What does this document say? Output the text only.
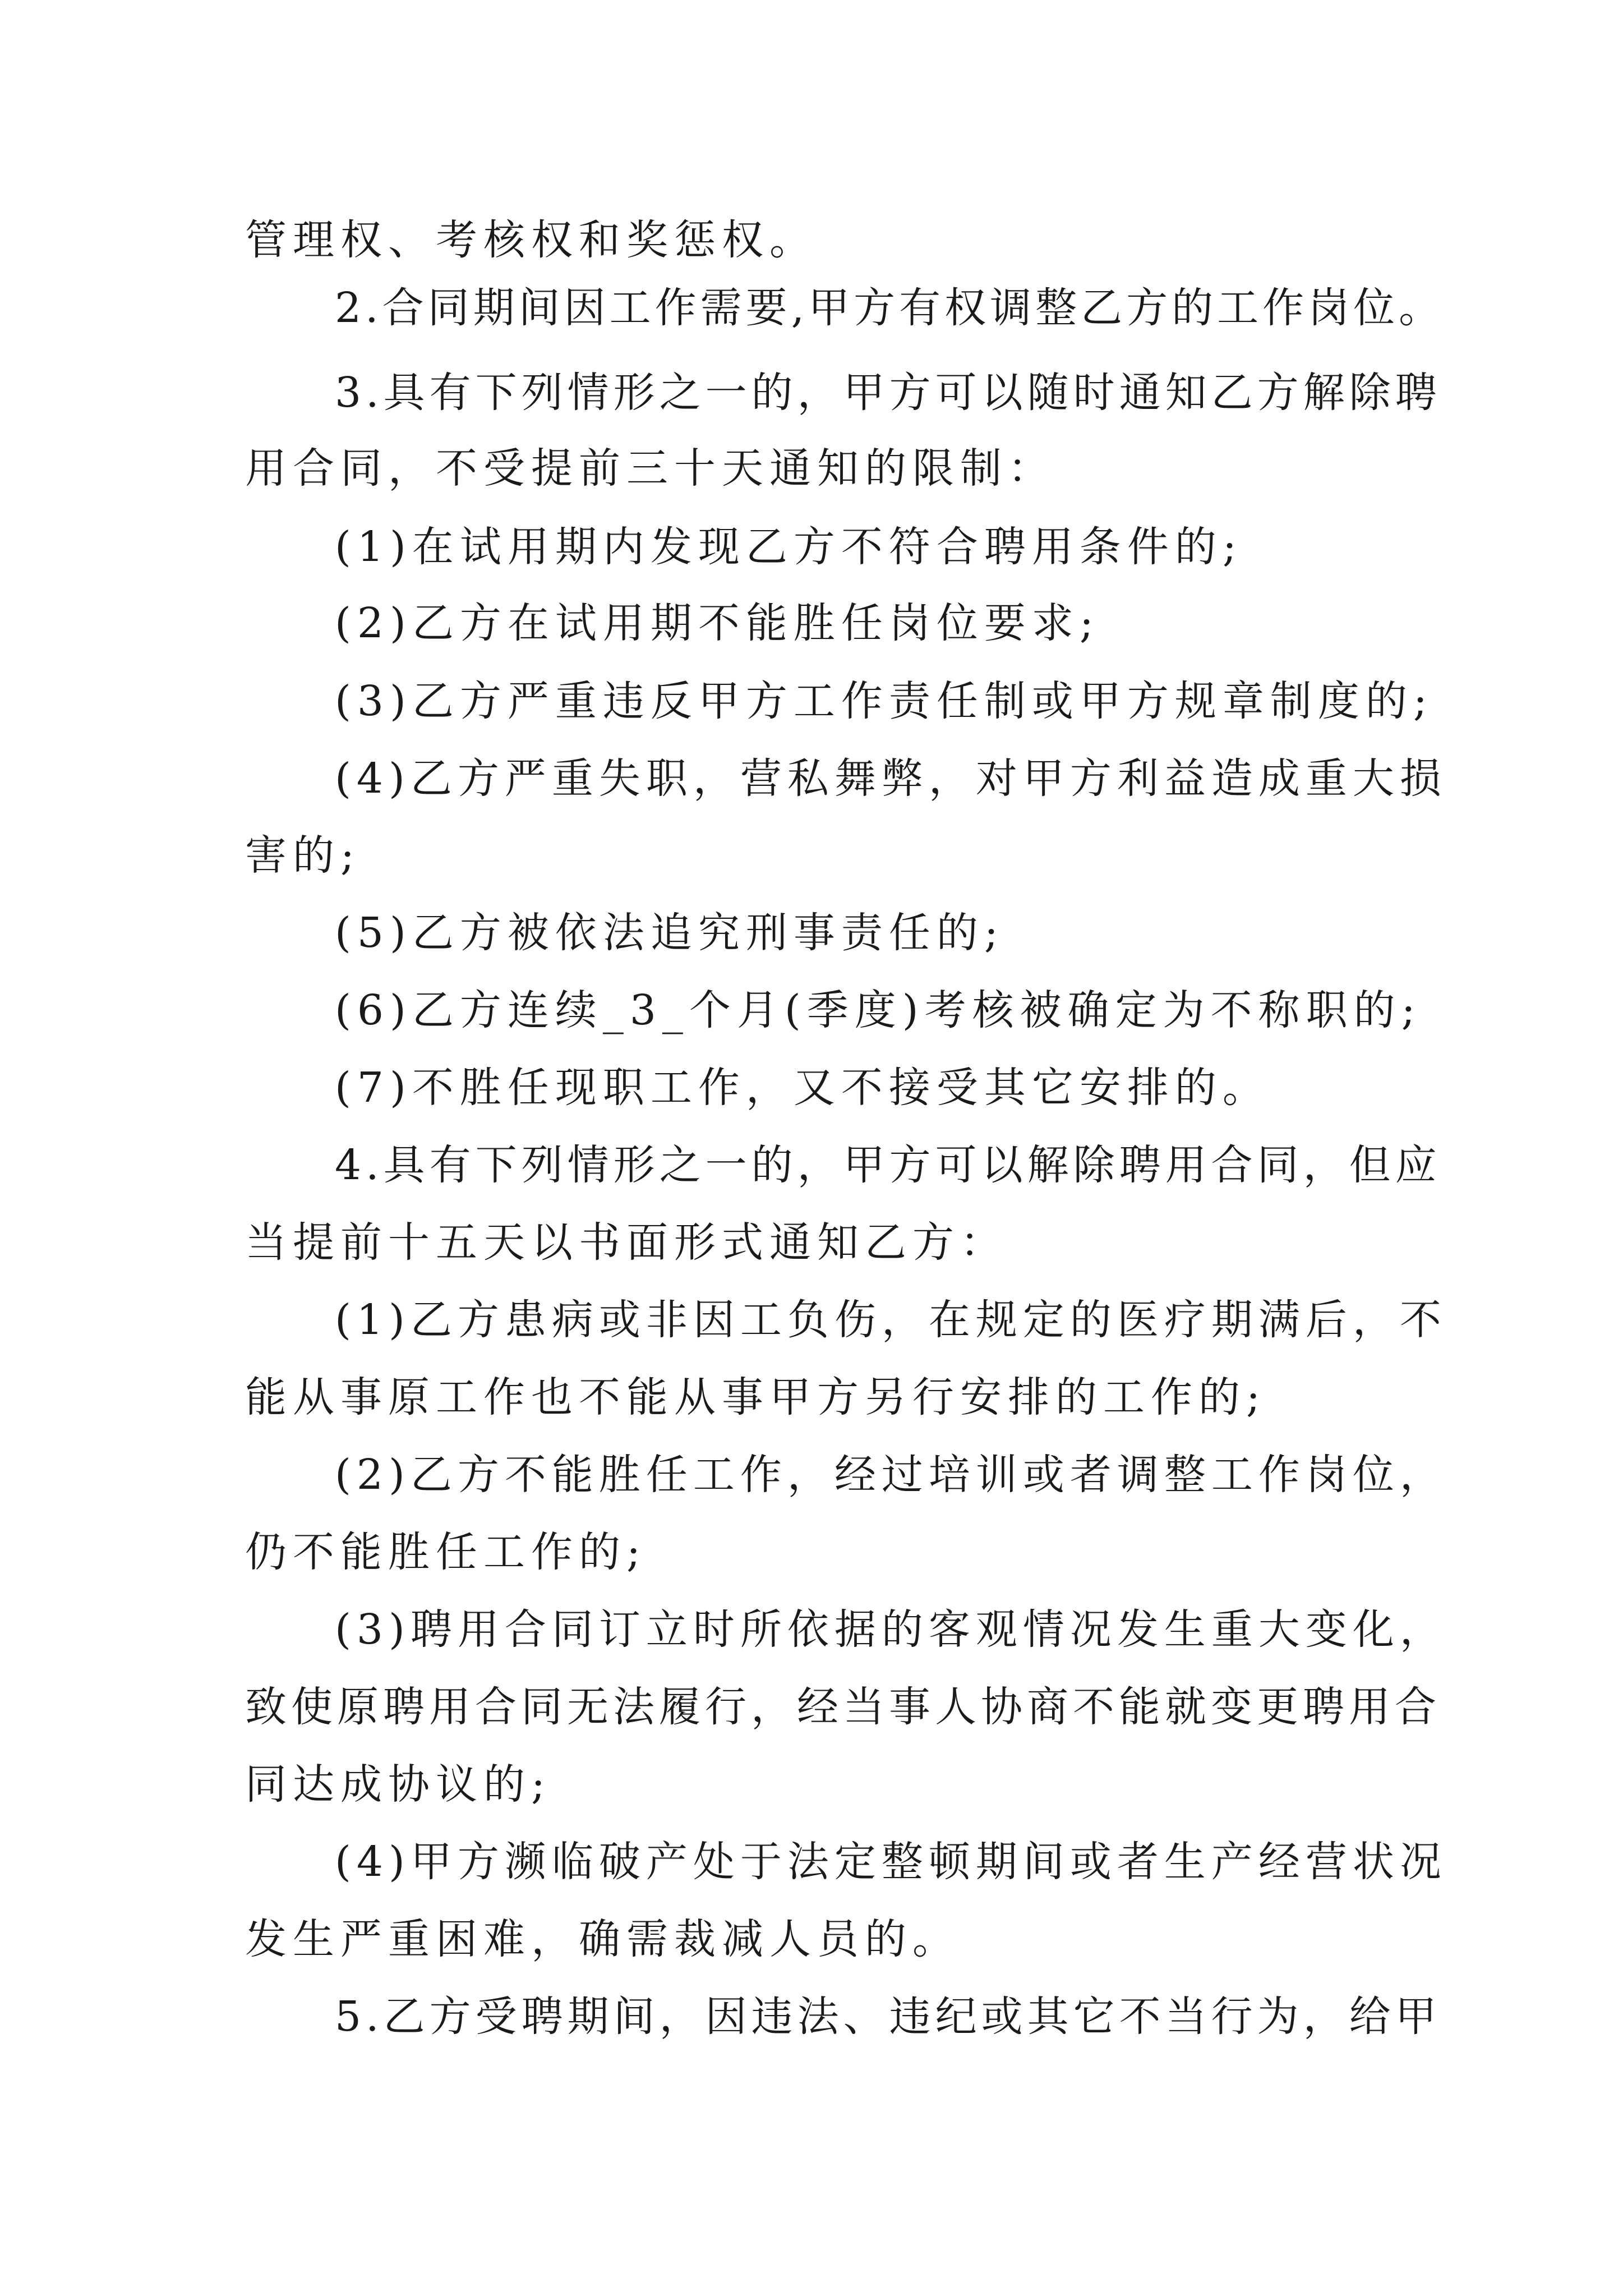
管理权、考核权和奖惩权。
2.合同期间因工作需要,甲方有权调整乙方的工作岗位。
3.具有下列情形之一的，甲方可以随时通知乙方解除聘
用合同，不受提前三十天通知的限制：
(1)在试用期内发现乙方不符合聘用条件的;
(2)乙方在试用期不能胜任岗位要求;
(3)乙方严重违反甲方工作责任制或甲方规章制度的;
(4)乙方严重失职，营私舞弊，对甲方利益造成重大损
害的;
(5)乙方被依法追究刑事责任的;
(6)乙方连续_3_个月(季度)考核被确定为不称职的;
(7)不胜任现职工作，又不接受其它安排的。
4.具有下列情形之一的，甲方可以解除聘用合同，但应
当提前十五天以书面形式通知乙方：
(1)乙方患病或非因工负伤，在规定的医疗期满后，不
能从事原工作也不能从事甲方另行安排的工作的;
(2)乙方不能胜任工作，经过培训或者调整工作岗位，
仍不能胜任工作的;
(3)聘用合同订立时所依据的客观情况发生重大变化，
致使原聘用合同无法履行，经当事人协商不能就变更聘用合
同达成协议的;
(4)甲方濒临破产处于法定整顿期间或者生产经营状况
发生严重困难，确需裁减人员的。
5.乙方受聘期间，因违法、违纪或其它不当行为，给甲
